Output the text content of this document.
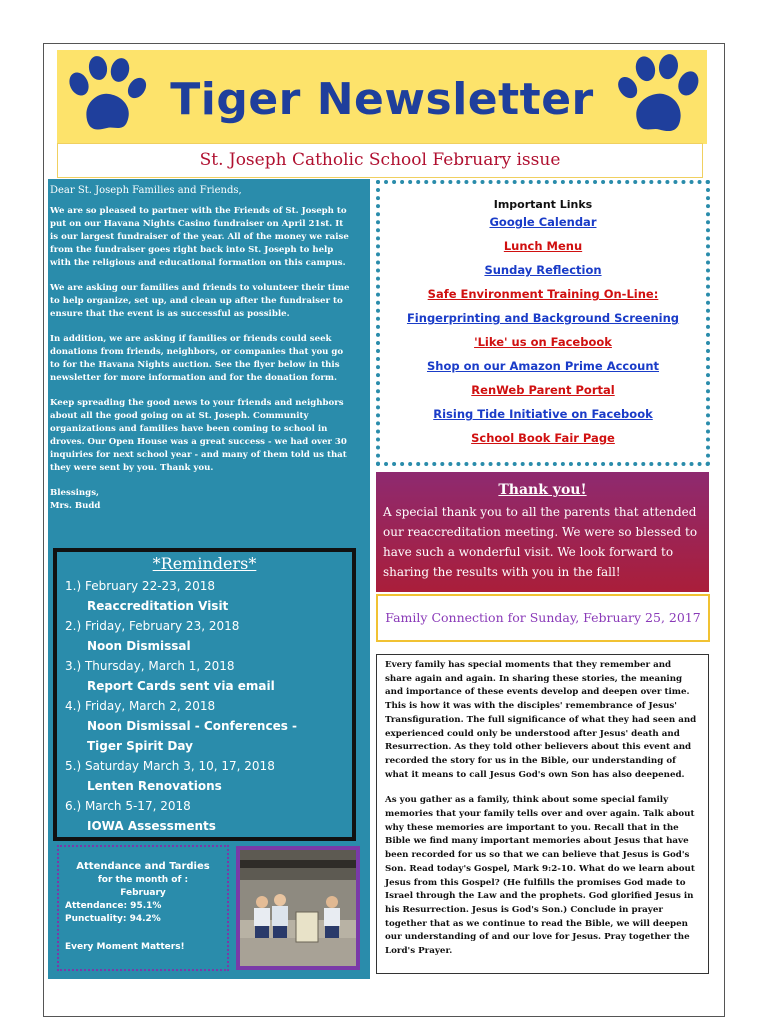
Tiger Newsletter
St. Joseph Catholic School February issue
Dear St. Joseph Families and Friends,

We are so pleased to partner with the Friends of St. Joseph to put on our Havana Nights Casino fundraiser on April 21st. It is our largest fundraiser of the year. All of the money we raise from the fundraiser goes right back into St. Joseph to help with the religious and educational formation on this campus.

We are asking our families and friends to volunteer their time to help organize, set up, and clean up after the fundraiser to ensure that the event is as successful as possible.

In addition, we are asking if families or friends could seek donations from friends, neighbors, or companies that you go to for the Havana Nights auction. See the flyer below in this newsletter for more information and for the donation form.

Keep spreading the good news to your friends and neighbors about all the good going on at St. Joseph. Community organizations and families have been coming to school in droves. Our Open House was a great success - we had over 30 inquiries for next school year - and many of them told us that they were sent by you. Thank you.

Blessings,
Mrs. Budd
*Reminders*
1.) February 22-23, 2018
Reaccreditation Visit
2.) Friday, February 23, 2018
Noon Dismissal
3.) Thursday, March 1, 2018
Report Cards sent via email
4.) Friday, March 2, 2018
Noon Dismissal - Conferences - Tiger Spirit Day
5.) Saturday March 3, 10, 17, 2018
Lenten Renovations
6.) March 5-17, 2018
IOWA Assessments
Attendance and Tardies
for the month of :
February
Attendance: 95.1%
Punctuality: 94.2%
Every Moment Matters!
Important Links
Google Calendar
Lunch Menu
Sunday Reflection
Safe Environment Training On-Line:
Fingerprinting and Background Screening
'Like' us on Facebook
Shop on our Amazon Prime Account
RenWeb Parent Portal
Rising Tide Initiative on Facebook
School Book Fair Page
Thank you!
A special thank you to all the parents that attended our reaccreditation meeting. We were so blessed to have such a wonderful visit. We look forward to sharing the results with you in the fall!
Family Connection for Sunday, February 25, 2017

Every family has special moments that they remember and share again and again. In sharing these stories, the meaning and importance of these events develop and deepen over time. This is how it was with the disciples' remembrance of Jesus' Transfiguration. The full significance of what they had seen and experienced could only be understood after Jesus' death and Resurrection. As they told other believers about this event and recorded the story for us in the Bible, our understanding of what it means to call Jesus God's own Son has also deepened.

As you gather as a family, think about some special family memories that your family tells over and over again. Talk about why these memories are important to you. Recall that in the Bible we find many important memories about Jesus that have been recorded for us so that we can believe that Jesus is God's Son. Read today's Gospel, Mark 9:2-10. What do we learn about Jesus from this Gospel? (He fulfills the promises God made to Israel through the Law and the prophets. God glorified Jesus in his Resurrection. Jesus is God's Son.) Conclude in prayer together that as we continue to read the Bible, we will deepen our understanding of and our love for Jesus. Pray together the Lord's Prayer.
